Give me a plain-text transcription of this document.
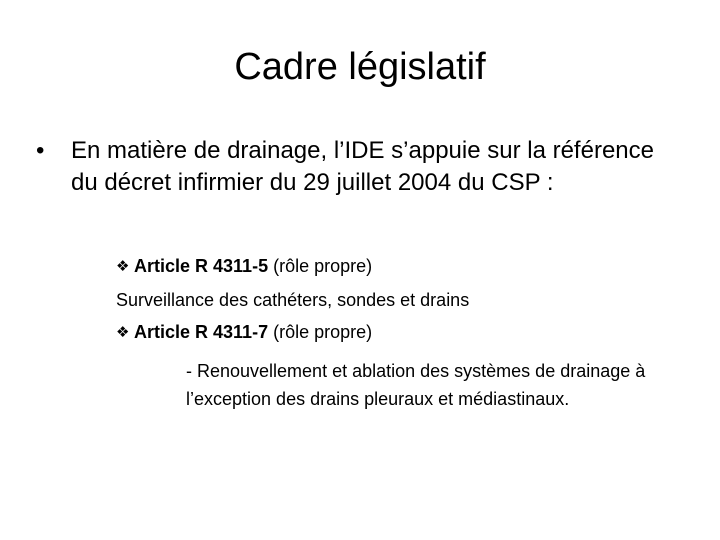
Cadre législatif
•	En matière de drainage, l’IDE s’appuie sur la référence du décret infirmier du 29 juillet 2004 du CSP :
❖ Article R 4311-5 (rôle propre)
Surveillance des cathéters, sondes et drains
❖ Article R 4311-7 (rôle propre)
- Renouvellement et ablation des systèmes de drainage à l’exception des drains pleuraux et médiastinaux.
